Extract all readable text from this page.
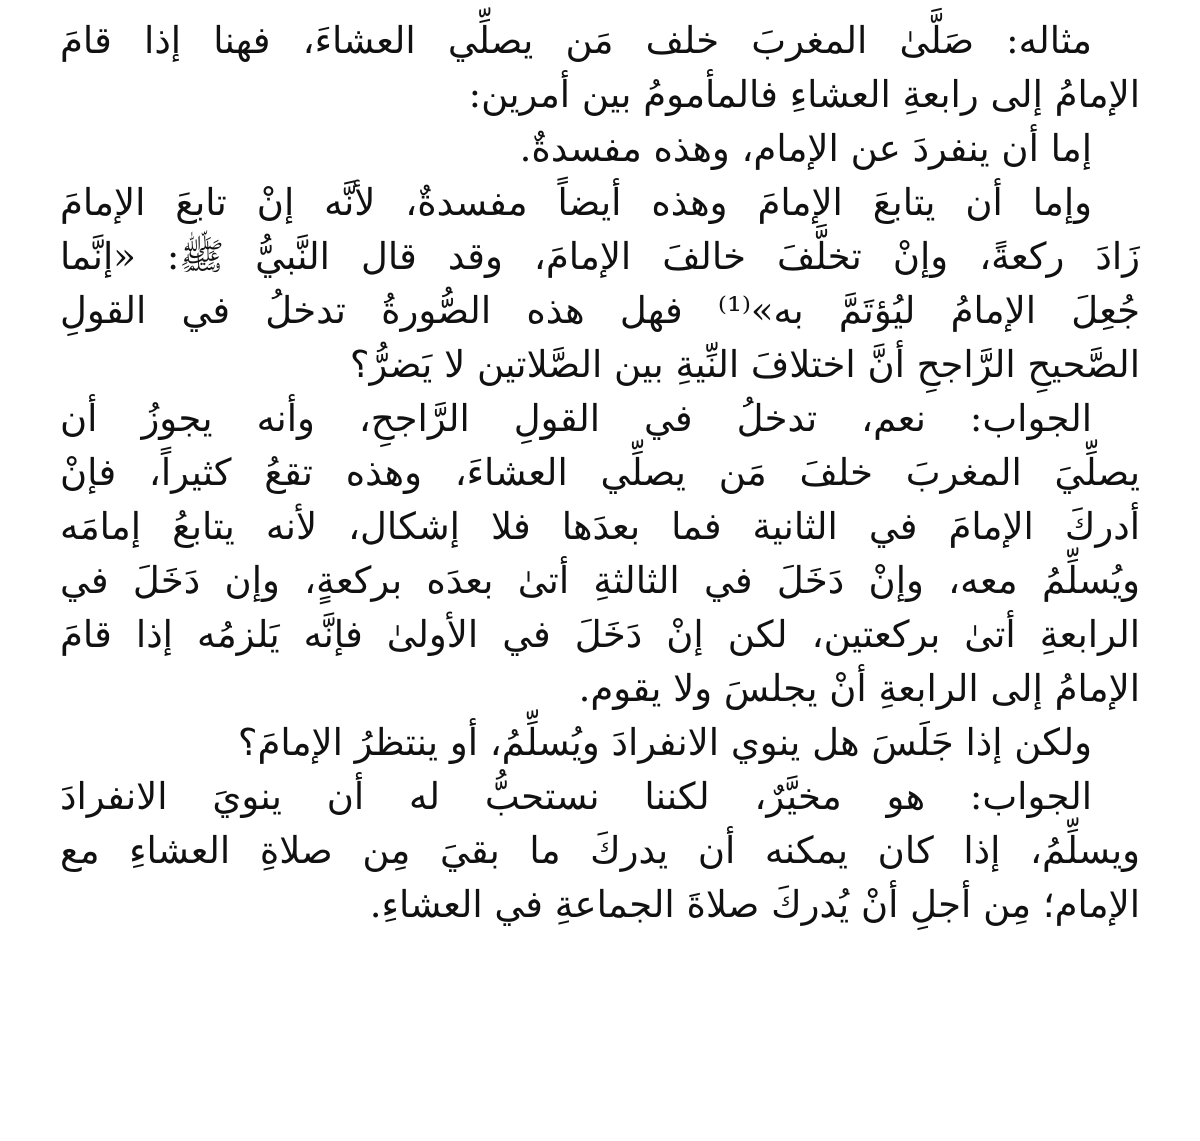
مثاله: صَلَّىٰ المغربَ خلف مَن يصلِّي العشاءَ، فهنا إذا قامَ
الإمامُ إلى رابعةِ العشاءِ فالمأمومُ بين أمرين:
إما أن ينفردَ عن الإمام، وهذه مفسدةٌ.
وإما أن يتابعَ الإمامَ وهذه أيضاً مفسدةٌ، لأنَّه إنْ تابعَ الإمامَ
زَادَ ركعةً، وإنْ تخلَّفَ خالفَ الإمامَ، وقد قال النَّبيُّ ﷺ: «إنَّما
جُعِلَ الإمامُ ليُؤتَمَّ به»⁽¹⁾ فهل هذه الصُّورةُ تدخلُ في القولِ
الصَّحيحِ الرَّاجحِ أنَّ اختلافَ النِّيةِ بين الصَّلاتين لا يَضرُّ؟
الجواب: نعم، تدخلُ في القولِ الرَّاجحِ، وأنه يجوزُ أن
يصلِّيَ المغربَ خلفَ مَن يصلِّي العشاءَ، وهذه تقعُ كثيراً، فإنْ
أدركَ الإمامَ في الثانية فما بعدَها فلا إشكال، لأنه يتابعُ إمامَه
ويُسلِّمُ معه، وإنْ دَخَلَ في الثالثةِ أتىٰ بعدَه بركعةٍ، وإن دَخَلَ في
الرابعةِ أتىٰ بركعتين، لكن إنْ دَخَلَ في الأولىٰ فإنَّه يَلزمُه إذا قامَ
الإمامُ إلى الرابعةِ أنْ يجلسَ ولا يقوم.
ولكن إذا جَلَسَ هل ينوي الانفرادَ ويُسلِّمُ، أو ينتظرُ الإمامَ؟
الجواب: هو مخيَّرٌ، لكننا نستحبُّ له أن ينويَ الانفرادَ
ويسلِّمُ، إذا كان يمكنه أن يدركَ ما بقيَ مِن صلاةِ العشاءِ مع
الإمام؛ مِن أجلِ أنْ يُدركَ صلاةَ الجماعةِ في العشاءِ.
